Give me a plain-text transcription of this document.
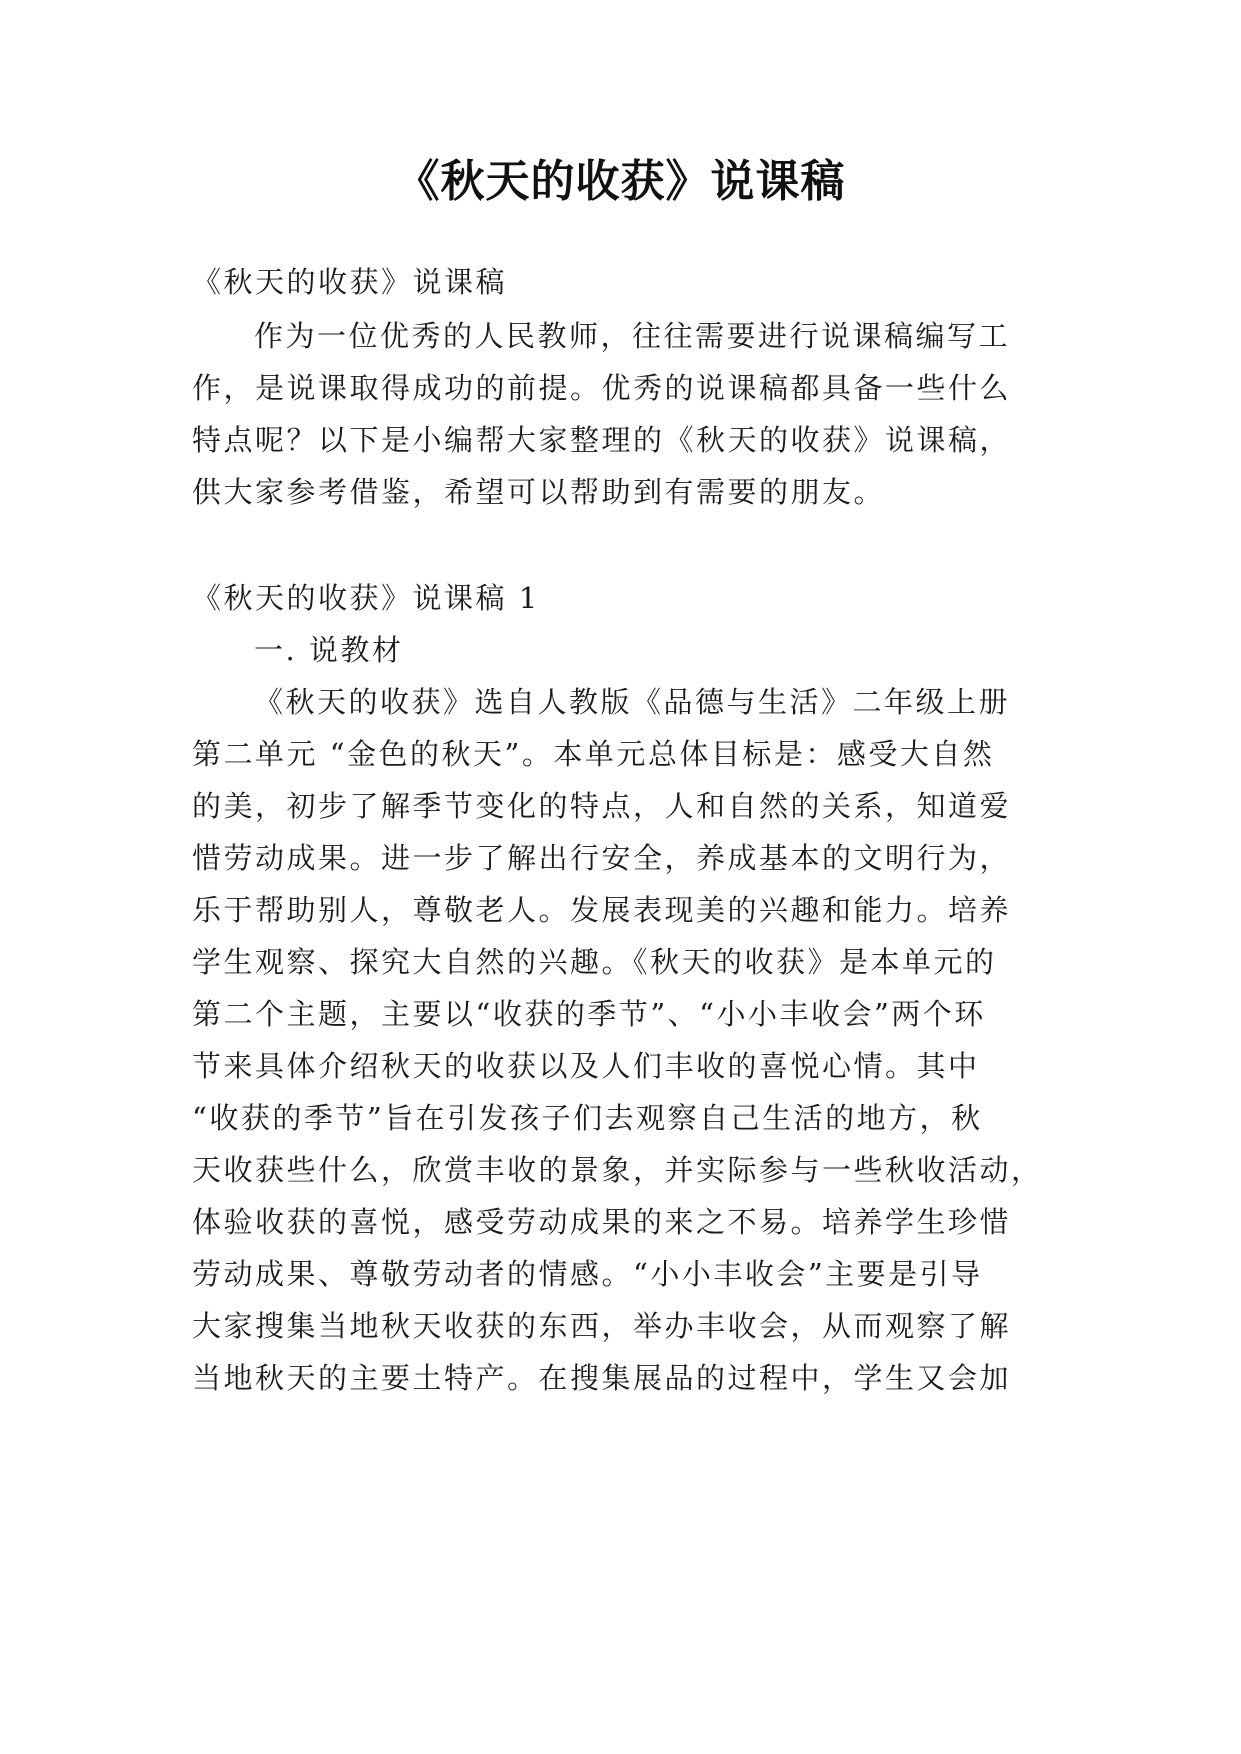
《秋天的收获》说课稿

《秋天的收获》说课稿

作为一位优秀的人民教师，往往需要进行说课稿编写工

作，是说课取得成功的前提。优秀的说课稿都具备一些什么

特点呢？以下是小编帮大家整理的《秋天的收获》说课稿，

供大家参考借鉴，希望可以帮助到有需要的朋友。

《秋天的收获》说课稿 1

一. 说教材

《秋天的收获》选自人教版《品德与生活》二年级上册

第二单元 “金色的秋天”。本单元总体目标是：感受大自然

的美，初步了解季节变化的特点，人和自然的关系，知道爱

惜劳动成果。进一步了解出行安全，养成基本的文明行为，

乐于帮助别人，尊敬老人。发展表现美的兴趣和能力。培养

学生观察、探究大自然的兴趣。《秋天的收获》是本单元的

第二个主题，主要以“收获的季节”、“小小丰收会”两个环

节来具体介绍秋天的收获以及人们丰收的喜悦心情。其中

“收获的季节”旨在引发孩子们去观察自己生活的地方，秋

天收获些什么，欣赏丰收的景象，并实际参与一些秋收活动，

体验收获的喜悦，感受劳动成果的来之不易。培养学生珍惜

劳动成果、尊敬劳动者的情感。“小小丰收会”主要是引导

大家搜集当地秋天收获的东西，举办丰收会，从而观察了解

当地秋天的主要土特产。在搜集展品的过程中，学生又会加
